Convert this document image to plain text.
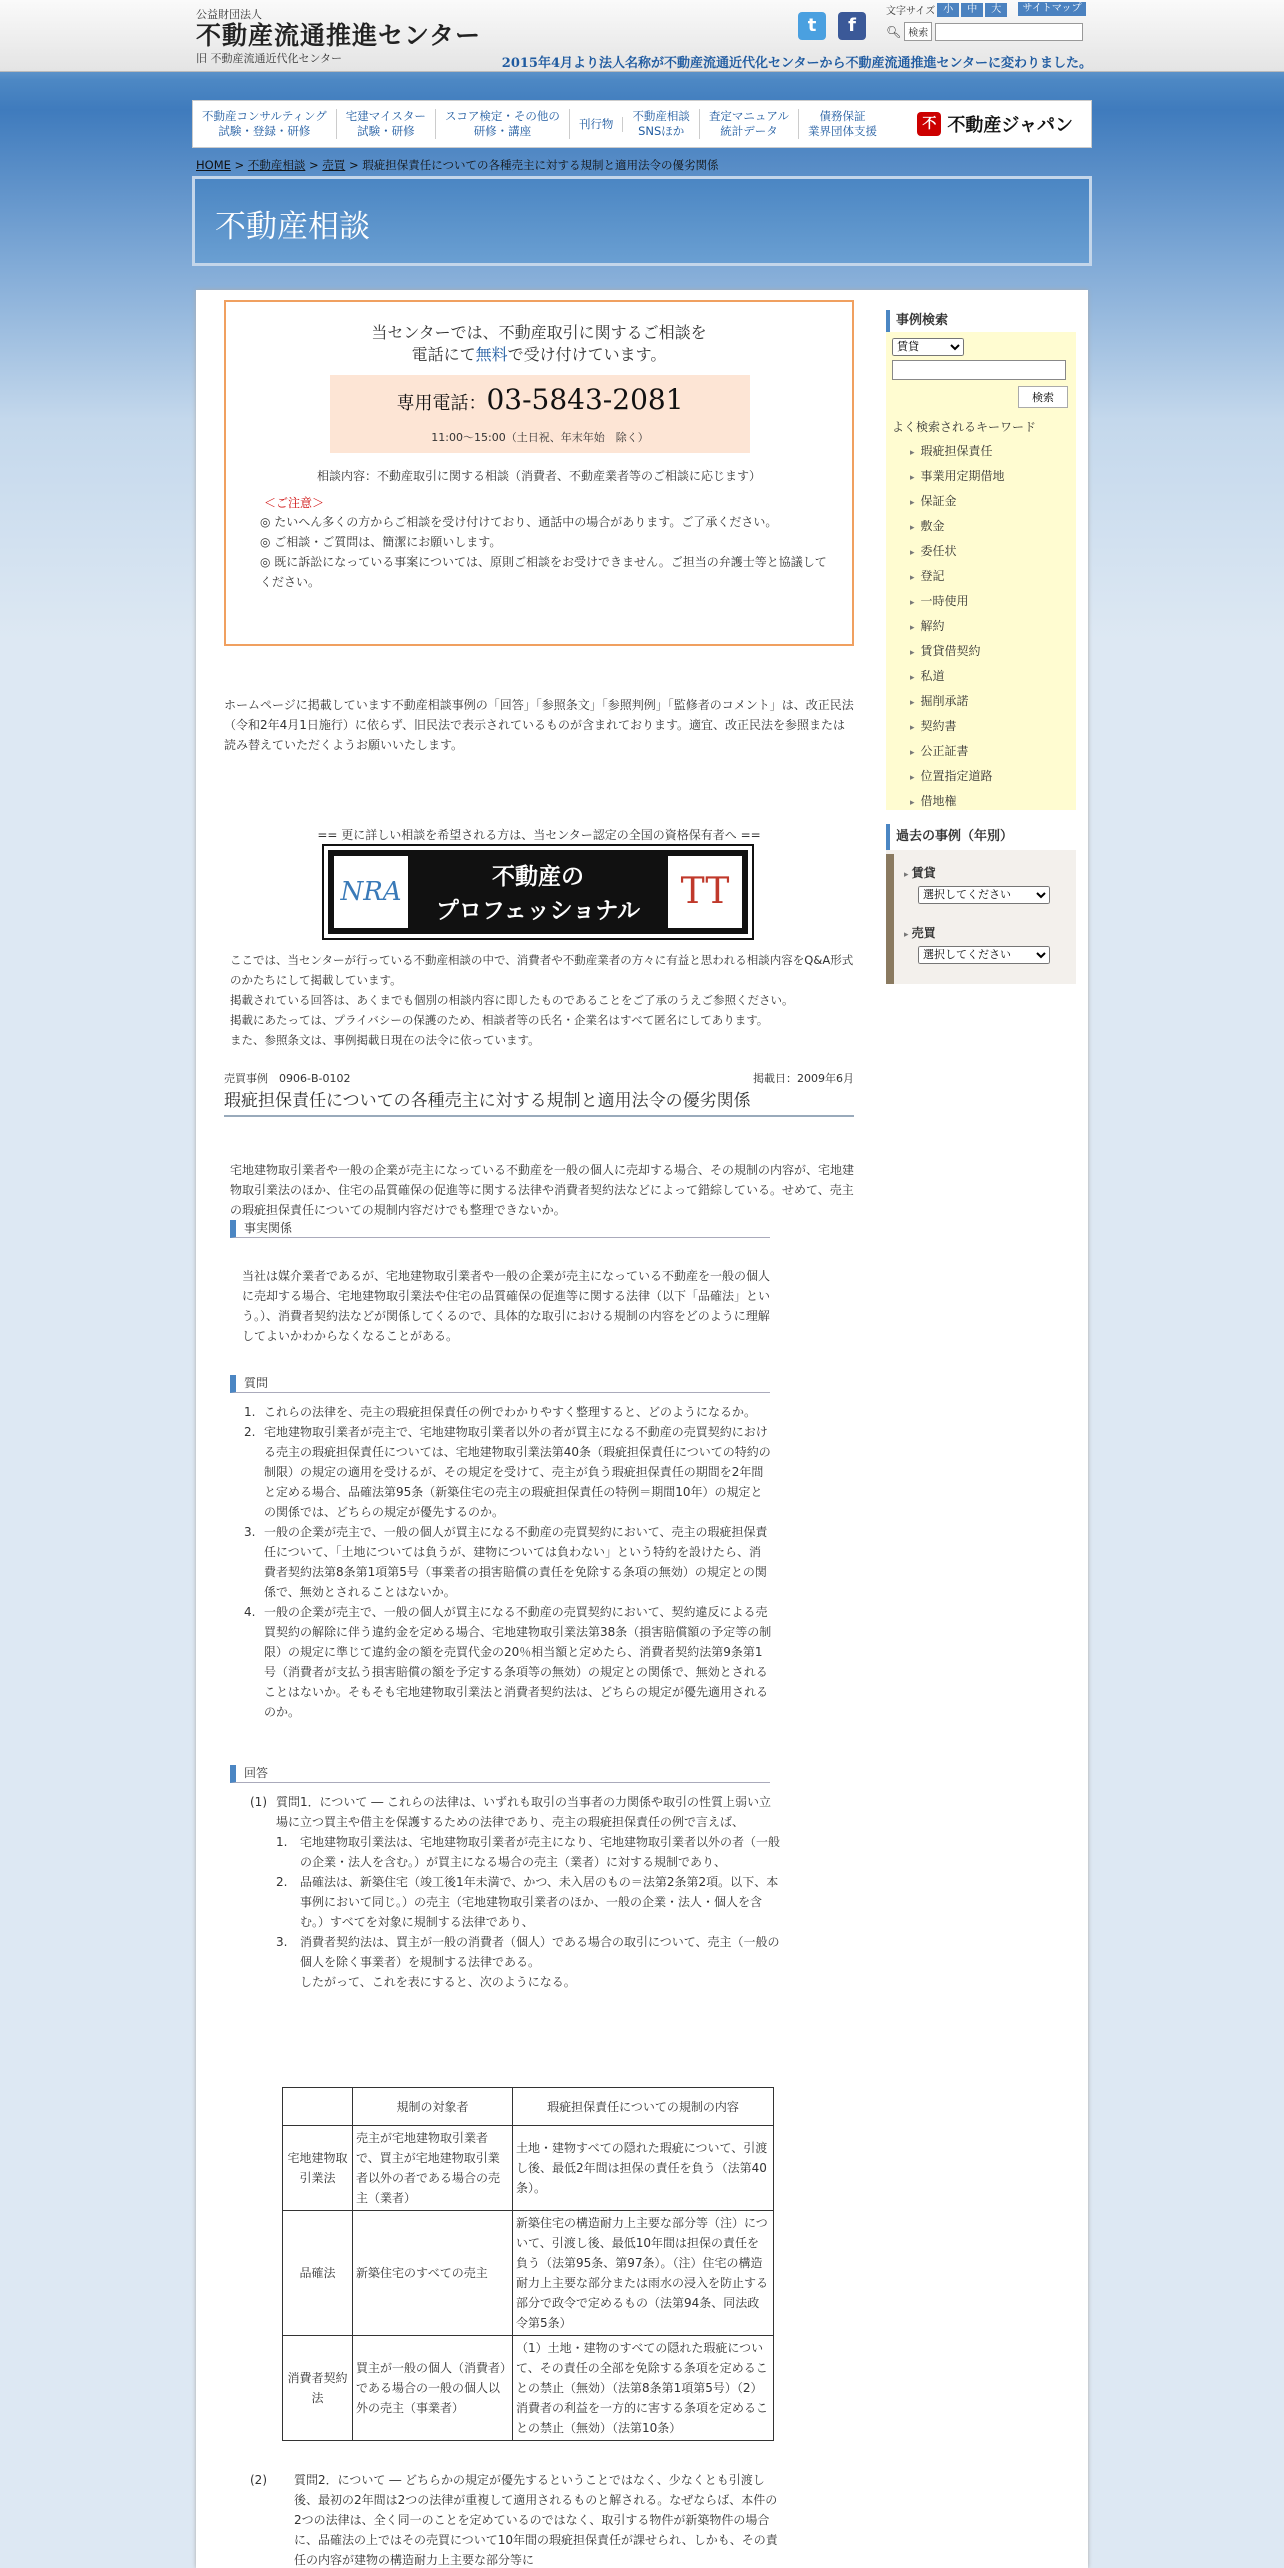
公益財団法人
不動産流通推進センター
旧 不動産流通近代化センター
t	f
文字サイズ 小	中	大	サイトマップ
🔍︎ 検索
2015年4月より法人名称が不動産流通近代化センターから不動産流通推進センターに変わりました。
不動産コンサルティング
試験・登録・研修
宅建マイスター
試験・研修
スコア検定・その他の
研修・講座
刊行物
不動産相談
SNSほか
査定マニュアル
統計データ
債務保証
業界団体支援	不 不動産ジャパン
HOME > 不動産相談 > 売買 > 瑕疵担保責任についての各種売主に対する規制と適用法令の優劣関係
不動産相談
当センターでは、不動産取引に関するご相談を
電話にて無料で受け付けています。
専用電話：03-5843-2081
11:00〜15:00（土日祝、年末年始　除く）
相談内容：不動産取引に関する相談（消費者、不動産業者等のご相談に応じます）
＜ご注意＞
◎ たいへん多くの方からご相談を受け付けており、通話中の場合があります。ご了承ください。
◎ ご相談・ご質問は、簡潔にお願いします。
◎ 既に訴訟になっている事案については、原則ご相談をお受けできません。ご担当の弁護士等と協議してください。
ホームページに掲載しています不動産相談事例の「回答」「参照条文」「参照判例」「監修者のコメント」は、改正民法（令和2年4月1日施行）に依らず、旧民法で表示されているものが含まれております。適宜、改正民法を参照または読み替えていただくようお願いいたします。
== 更に詳しい相談を希望される方は、当センター認定の全国の資格保有者へ ==
NRA	不動産の
プロフェッショナル	TT
ここでは、当センターが行っている不動産相談の中で、消費者や不動産業者の方々に有益と思われる相談内容をQ&A形式のかたちにして掲載しています。
掲載されている回答は、あくまでも個別の相談内容に即したものであることをご了承のうえご参照ください。
掲載にあたっては、プライバシーの保護のため、相談者等の氏名・企業名はすべて匿名にしてあります。
また、参照条文は、事例掲載日現在の法令に依っています。
売買事例　0906-B-0102	掲載日：2009年6月
瑕疵担保責任についての各種売主に対する規制と適用法令の優劣関係
宅地建物取引業者や一般の企業が売主になっている不動産を一般の個人に売却する場合、その規制の内容が、宅地建物取引業法のほか、住宅の品質確保の促進等に関する法律や消費者契約法などによって錯綜している。せめて、売主の瑕疵担保責任についての規制内容だけでも整理できないか。
事実関係
当社は媒介業者であるが、宅地建物取引業者や一般の企業が売主になっている不動産を一般の個人に売却する場合、宅地建物取引業法や住宅の品質確保の促進等に関する法律（以下「品確法」という。）、消費者契約法などが関係してくるので、具体的な取引における規制の内容をどのように理解してよいかわからなくなることがある。
質問
1. これらの法律を、売主の瑕疵担保責任の例でわかりやすく整理すると、どのようになるか。
2. 宅地建物取引業者が売主で、宅地建物取引業者以外の者が買主になる不動産の売買契約における売主の瑕疵担保責任については、宅地建物取引業法第40条（瑕疵担保責任についての特約の制限）の規定の適用を受けるが、その規定を受けて、売主が負う瑕疵担保責任の期間を2年間と定める場合、品確法第95条（新築住宅の売主の瑕疵担保責任の特例＝期間10年）の規定との関係では、どちらの規定が優先するのか。
3. 一般の企業が売主で、一般の個人が買主になる不動産の売買契約において、売主の瑕疵担保責任について、「土地については負うが、建物については負わない」という特約を設けたら、消費者契約法第8条第1項第5号（事業者の損害賠償の責任を免除する条項の無効）の規定との関係で、無効とされることはないか。
4. 一般の企業が売主で、一般の個人が買主になる不動産の売買契約において、契約違反による売買契約の解除に伴う違約金を定める場合、宅地建物取引業法第38条（損害賠償額の予定等の制限）の規定に準じて違約金の額を売買代金の20％相当額と定めたら、消費者契約法第9条第1号（消費者が支払う損害賠償の額を予定する条項等の無効）の規定との関係で、無効とされることはないか。そもそも宅地建物取引業法と消費者契約法は、どちらの規定が優先適用されるのか。
回答
(1) 質問1．について ― これらの法律は、いずれも取引の当事者の力関係や取引の性質上弱い立場に立つ買主や借主を保護するための法律であり、売主の瑕疵担保責任の例で言えば、
1. 宅地建物取引業法は、宅地建物取引業者が売主になり、宅地建物取引業者以外の者（一般の企業・法人を含む。）が買主になる場合の売主（業者）に対する規制であり、
2. 品確法は、新築住宅（竣工後1年未満で、かつ、未入居のもの＝法第2条第2項。以下、本事例において同じ。）の売主（宅地建物取引業者のほか、一般の企業・法人・個人を含む。）すべてを対象に規制する法律であり、
3. 消費者契約法は、買主が一般の消費者（個人）である場合の取引について、売主（一般の個人を除く事業者）を規制する法律である。
したがって、これを表にすると、次のようになる。
	規制の対象者	瑕疵担保責任についての規制の内容
宅地建物取引業法	売主が宅地建物取引業者で、買主が宅地建物取引業者以外の者である場合の売主（業者）	土地・建物すべての隠れた瑕疵について、引渡し後、最低2年間は担保の責任を負う（法第40条）。
品確法	新築住宅のすべての売主	新築住宅の構造耐力上主要な部分等（注）について、引渡し後、最低10年間は担保の責任を負う（法第95条、第97条）。（注）住宅の構造耐力上主要な部分または雨水の浸入を防止する部分で政令で定めるもの（法第94条、同法政令第5条）
消費者契約法	買主が一般の個人（消費者）である場合の一般の個人以外の売主（事業者）	（1）土地・建物のすべての隠れた瑕疵について、その責任の全部を免除する条項を定めることの禁止（無効）（法第8条第1項第5号）（2）消費者の利益を一方的に害する条項を定めることの禁止（無効）（法第10条）
(2)	質問2．について ― どちらかの規定が優先するということではなく、少なくとも引渡し後、最初の2年間は2つの法律が重複して適用されるものと解される。なぜならば、本件の2つの法律は、全く同一のことを定めているのではなく、取引する物件が新築物件の場合に、品確法の上ではその売買について10年間の瑕疵担保責任が課せられ、しかも、その責任の内容が建物の構造耐力上主要な部分等に
事例検索
賃貸
検索
よく検索されるキーワード
▸ 瑕疵担保責任
▸ 事業用定期借地
▸ 保証金
▸ 敷金
▸ 委任状
▸ 登記
▸ 一時使用
▸ 解約
▸ 賃貸借契約
▸ 私道
▸ 掘削承諾
▸ 契約書
▸ 公正証書
▸ 位置指定道路
▸ 借地権
過去の事例（年別）
▸ 賃貸
選択してください
▸ 売買
選択してください
